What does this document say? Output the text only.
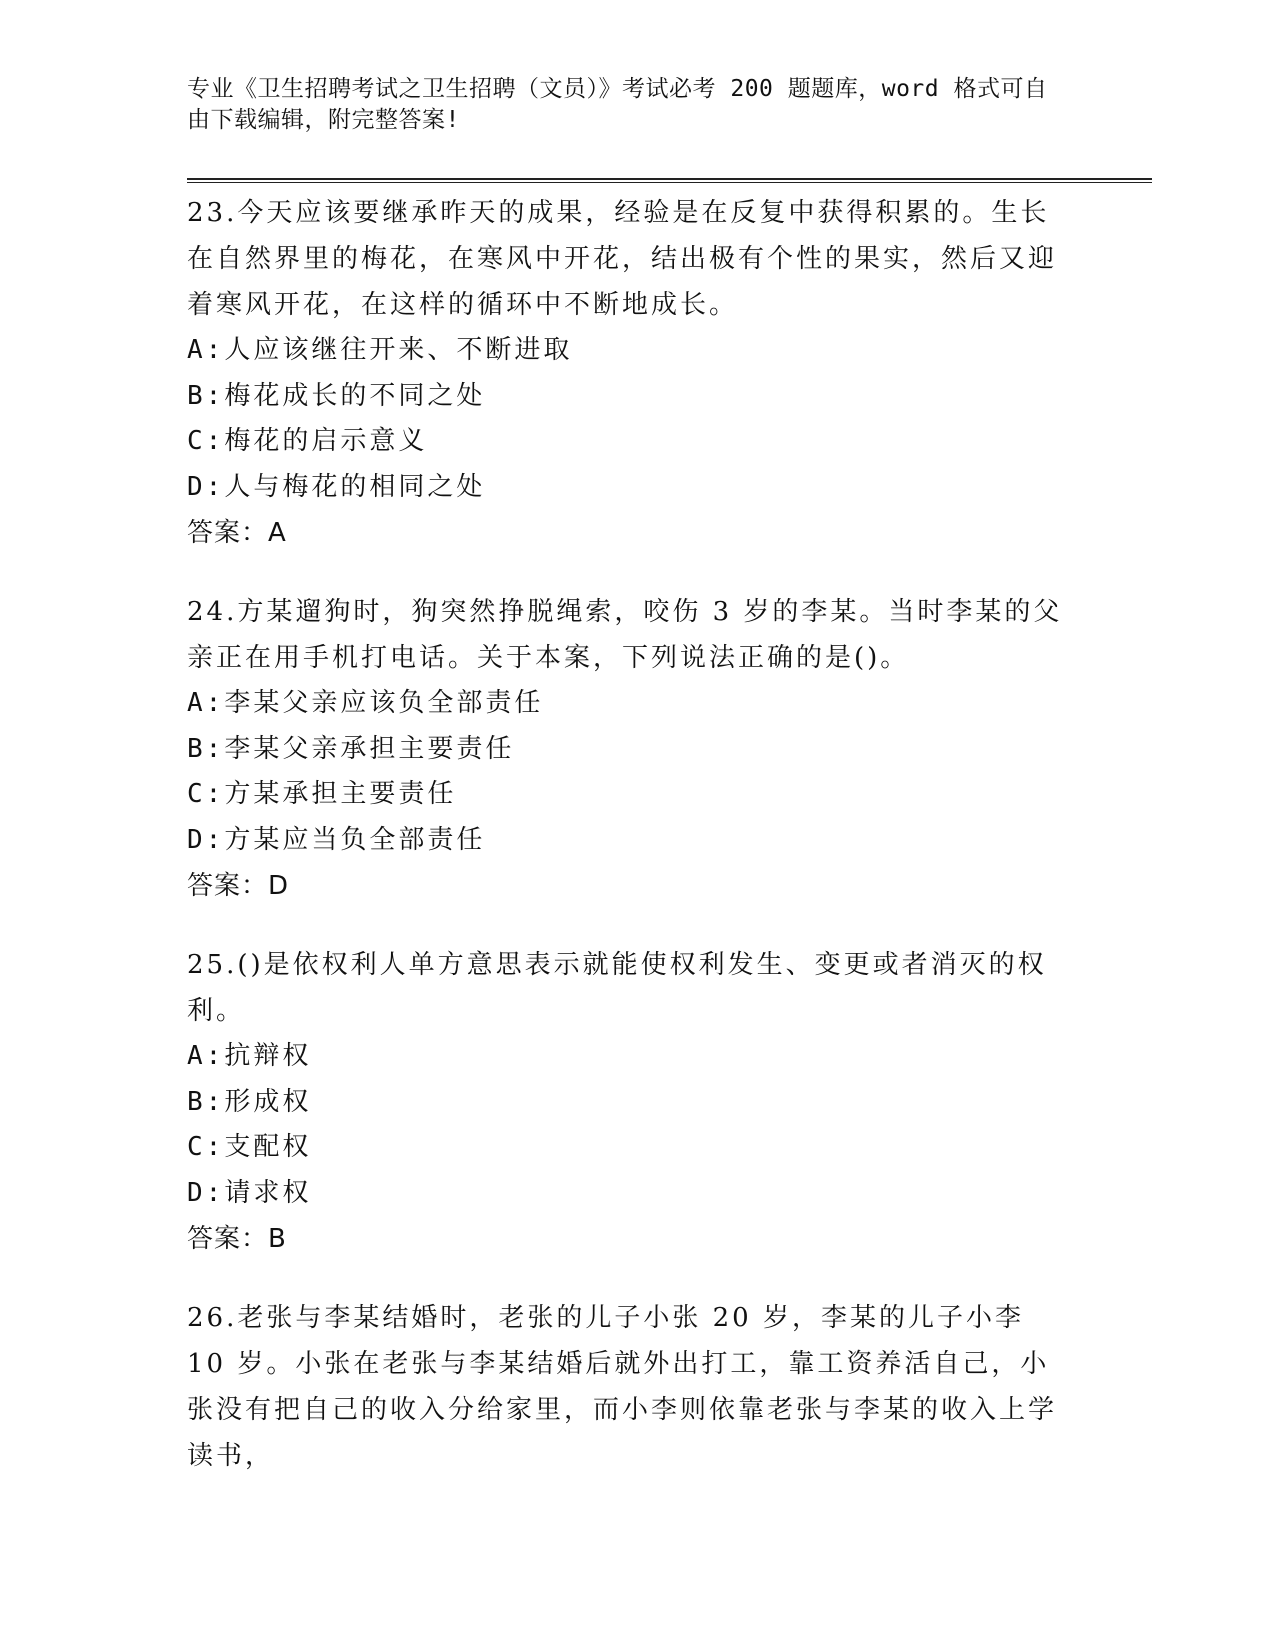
专业《卫生招聘考试之卫生招聘（文员）》考试必考 200 题题库，word 格式可自由下载编辑，附完整答案!

23.今天应该要继承昨天的成果，经验是在反复中获得积累的。生长在自然界里的梅花，在寒风中开花，结出极有个性的果实，然后又迎着寒风开花，在这样的循环中不断地成长。

A: 人应该继往开来、不断进取

B: 梅花成长的不同之处

C: 梅花的启示意义

D: 人与梅花的相同之处

答案：A

24.方某遛狗时，狗突然挣脱绳索，咬伤 3 岁的李某。当时李某的父亲正在用手机打电话。关于本案，下列说法正确的是()。

A: 李某父亲应该负全部责任

B: 李某父亲承担主要责任

C: 方某承担主要责任

D: 方某应当负全部责任

答案：D

25.()是依权利人单方意思表示就能使权利发生、变更或者消灭的权利。

A: 抗辩权

B: 形成权

C: 支配权

D: 请求权

答案：B

26.老张与李某结婚时，老张的儿子小张 20 岁，李某的儿子小李 10 岁。小张在老张与李某结婚后就外出打工，靠工资养活自己，小张没有把自己的收入分给家里，而小李则依靠老张与李某的收入上学读书，
